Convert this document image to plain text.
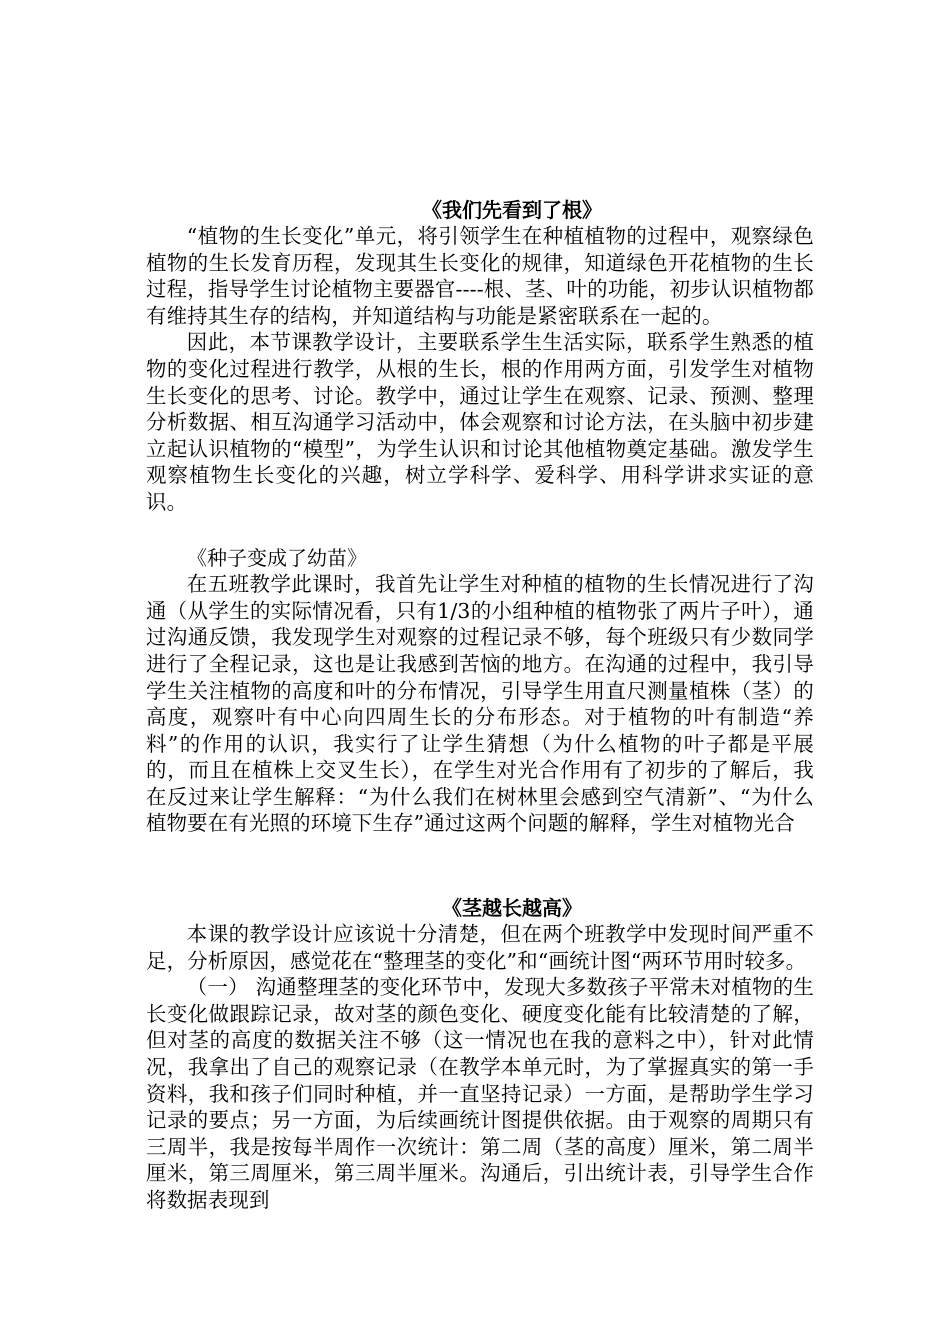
《我们先看到了根》

“植物的生长变化”单元，将引领学生在种植植物的过程中，观察绿色植物的生长发育历程，发现其生长变化的规律，知道绿色开花植物的生长过程，指导学生讨论植物主要器官----根、茎、叶的功能，初步认识植物都有维持其生存的结构，并知道结构与功能是紧密联系在一起的。

因此，本节课教学设计，主要联系学生生活实际，联系学生熟悉的植物的变化过程进行教学，从根的生长，根的作用两方面，引发学生对植物生长变化的思考、讨论。教学中，通过让学生在观察、记录、预测、整理分析数据、相互沟通学习活动中，体会观察和讨论方法，在头脑中初步建立起认识植物的“模型”，为学生认识和讨论其他植物奠定基础。激发学生观察植物生长变化的兴趣，树立学科学、爱科学、用科学讲求实证的意识。

《种子变成了幼苗》

在五班教学此课时，我首先让学生对种植的植物的生长情况进行了沟通（从学生的实际情况看，只有1/3的小组种植的植物张了两片子叶），通过沟通反馈，我发现学生对观察的过程记录不够，每个班级只有少数同学进行了全程记录，这也是让我感到苦恼的地方。在沟通的过程中，我引导学生关注植物的高度和叶的分布情况，引导学生用直尺测量植株（茎）的高度，观察叶有中心向四周生长的分布形态。对于植物的叶有制造“养料”的作用的认识，我实行了让学生猜想（为什么植物的叶子都是平展的，而且在植株上交叉生长），在学生对光合作用有了初步的了解后，我在反过来让学生解释：“为什么我们在树林里会感到空气清新”、“为什么植物要在有光照的环境下生存”通过这两个问题的解释，学生对植物光合

《茎越长越高》

本课的教学设计应该说十分清楚，但在两个班教学中发现时间严重不足，分析原因，感觉花在“整理茎的变化”和“画统计图“两环节用时较多。

（一） 沟通整理茎的变化环节中，发现大多数孩子平常未对植物的生长变化做跟踪记录，故对茎的颜色变化、硬度变化能有比较清楚的了解，但对茎的高度的数据关注不够（这一情况也在我的意料之中），针对此情况，我拿出了自己的观察记录（在教学本单元时，为了掌握真实的第一手资料，我和孩子们同时种植，并一直坚持记录）一方面，是帮助学生学习记录的要点；另一方面，为后续画统计图提供依据。由于观察的周期只有三周半，我是按每半周作一次统计：第二周（茎的高度）厘米，第二周半厘米，第三周厘米，第三周半厘米。沟通后，引出统计表，引导学生合作将数据表现到
